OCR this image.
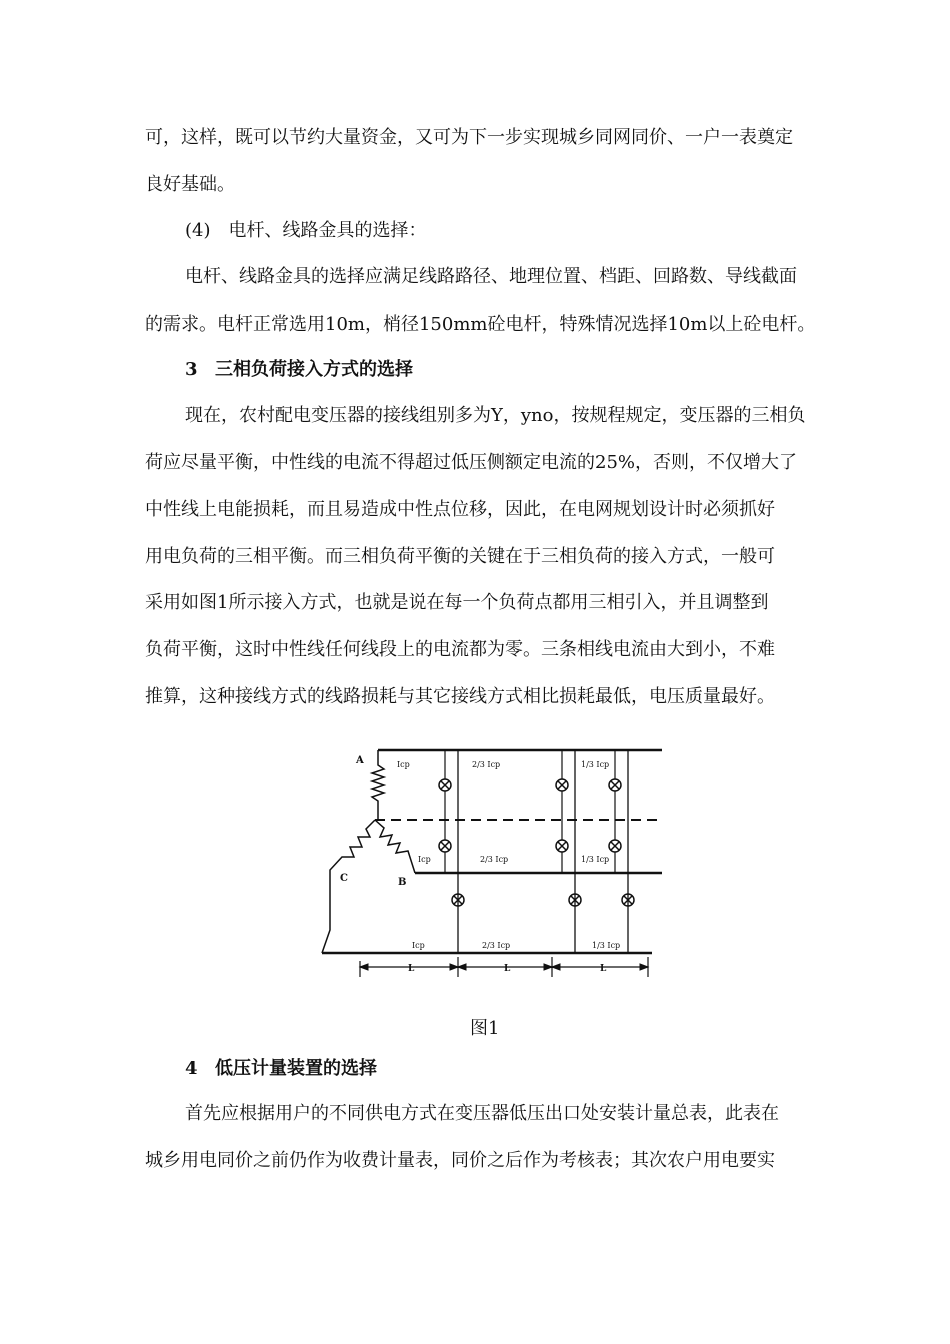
可，这样，既可以节约大量资金，又可为下一步实现城乡同网同价、一户一表奠定
良好基础。
(4)　电杆、线路金具的选择：
电杆、线路金具的选择应满足线路路径、地理位置、档距、回路数、导线截面
的需求。电杆正常选用10m，梢径150mm砼电杆，特殊情况选择10m以上砼电杆。
3 三相负荷接入方式的选择
现在，农村配电变压器的接线组别多为Y，yno，按规程规定，变压器的三相负
荷应尽量平衡，中性线的电流不得超过低压侧额定电流的25%，否则，不仅增大了
中性线上电能损耗，而且易造成中性点位移，因此，在电网规划设计时必须抓好
用电负荷的三相平衡。而三相负荷平衡的关键在于三相负荷的接入方式，一般可
采用如图1所示接入方式，也就是说在每一个负荷点都用三相引入，并且调整到
负荷平衡，这时中性线任何线段上的电流都为零。三条相线电流由大到小，不难
推算，这种接线方式的线路损耗与其它接线方式相比损耗最低，电压质量最好。
A
B
C
Icp
Icp
Icp
2/3 Icp
2/3 Icp
2/3 Icp
1/3 Icp
1/3 Icp
1/3 Icp
L	L	L
图1
4 低压计量装置的选择
首先应根据用户的不同供电方式在变压器低压出口处安装计量总表，此表在
城乡用电同价之前仍作为收费计量表，同价之后作为考核表；其次农户用电要实
